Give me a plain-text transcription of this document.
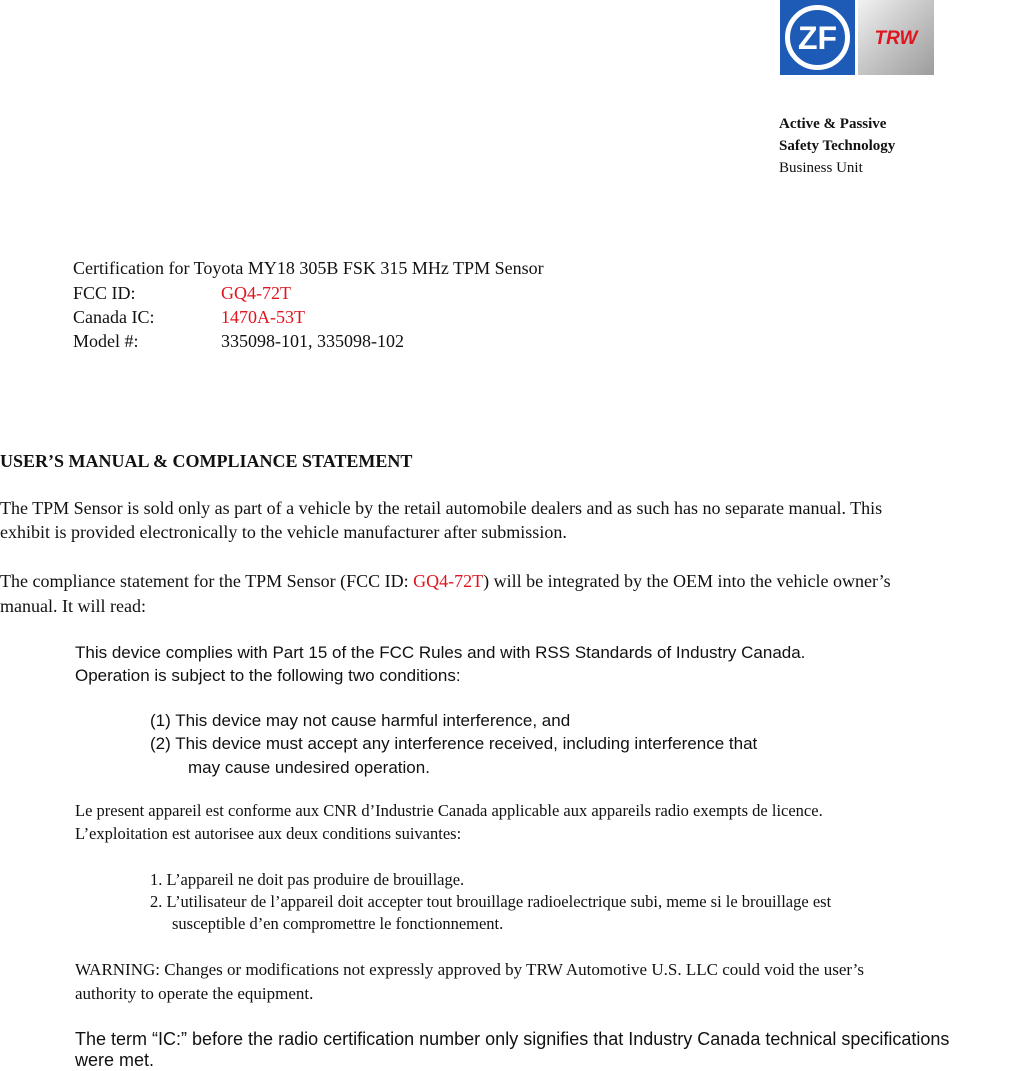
ZF TRW
Active & Passive
Safety Technology
Business Unit
Certification for Toyota MY18 305B FSK 315 MHz TPM Sensor
FCC ID:	GQ4-72T
Canada IC:	1470A-53T
Model #:	335098-101, 335098-102
USER’S MANUAL & COMPLIANCE STATEMENT
The TPM Sensor is sold only as part of a vehicle by the retail automobile dealers and as such has no separate manual. This
exhibit is provided electronically to the vehicle manufacturer after submission.
The compliance statement for the TPM Sensor (FCC ID: GQ4-72T) will be integrated by the OEM into the vehicle owner’s
manual. It will read:
This device complies with Part 15 of the FCC Rules and with RSS Standards of Industry Canada.
Operation is subject to the following two conditions:
(1) This device may not cause harmful interference, and
(2) This device must accept any interference received, including interference that
may cause undesired operation.
Le present appareil est conforme aux CNR d’Industrie Canada applicable aux appareils radio exempts de licence.
L’exploitation est autorisee aux deux conditions suivantes:
1. L’appareil ne doit pas produire de brouillage.
2. L’utilisateur de l’appareil doit accepter tout brouillage radioelectrique subi, meme si le brouillage est
susceptible d’en compromettre le fonctionnement.
WARNING: Changes or modifications not expressly approved by TRW Automotive U.S. LLC could void the user’s
authority to operate the equipment.
The term “IC:” before the radio certification number only signifies that Industry Canada technical specifications
were met.
